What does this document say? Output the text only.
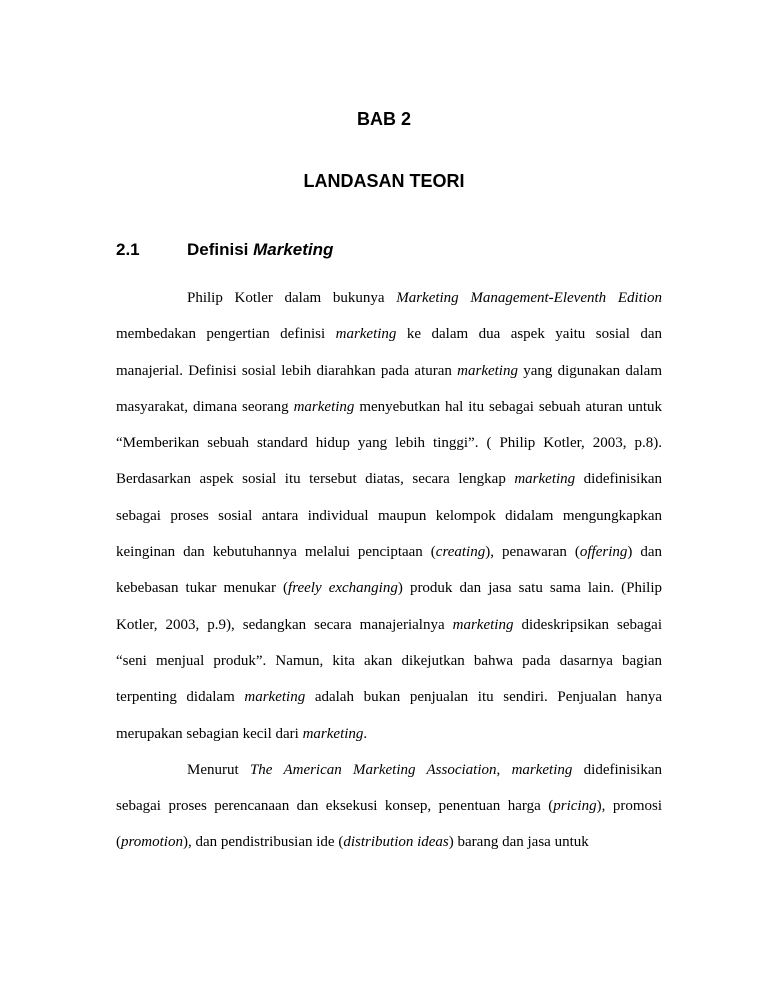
BAB 2
LANDASAN TEORI
2.1	Definisi Marketing

Philip Kotler dalam bukunya Marketing Management-Eleventh Edition membedakan pengertian definisi marketing ke dalam dua aspek yaitu sosial dan manajerial. Definisi sosial lebih diarahkan pada aturan marketing yang digunakan dalam masyarakat, dimana seorang marketing menyebutkan hal itu sebagai sebuah aturan untuk “Memberikan sebuah standard hidup yang lebih tinggi”. ( Philip Kotler, 2003, p.8). Berdasarkan aspek sosial itu tersebut diatas, secara lengkap marketing didefinisikan sebagai proses sosial antara individual maupun kelompok didalam mengungkapkan keinginan dan kebutuhannya melalui penciptaan (creating), penawaran (offering) dan kebebasan tukar menukar (freely exchanging) produk dan jasa satu sama lain. (Philip Kotler, 2003, p.9), sedangkan secara manajerialnya marketing dideskripsikan sebagai “seni menjual produk”. Namun, kita akan dikejutkan bahwa pada dasarnya bagian terpenting didalam marketing adalah bukan penjualan itu sendiri. Penjualan hanya merupakan sebagian kecil dari marketing.

Menurut The American Marketing Association, marketing didefinisikan sebagai proses perencanaan dan eksekusi konsep, penentuan harga (pricing), promosi (promotion), dan pendistribusian ide (distribution ideas) barang dan jasa untuk
